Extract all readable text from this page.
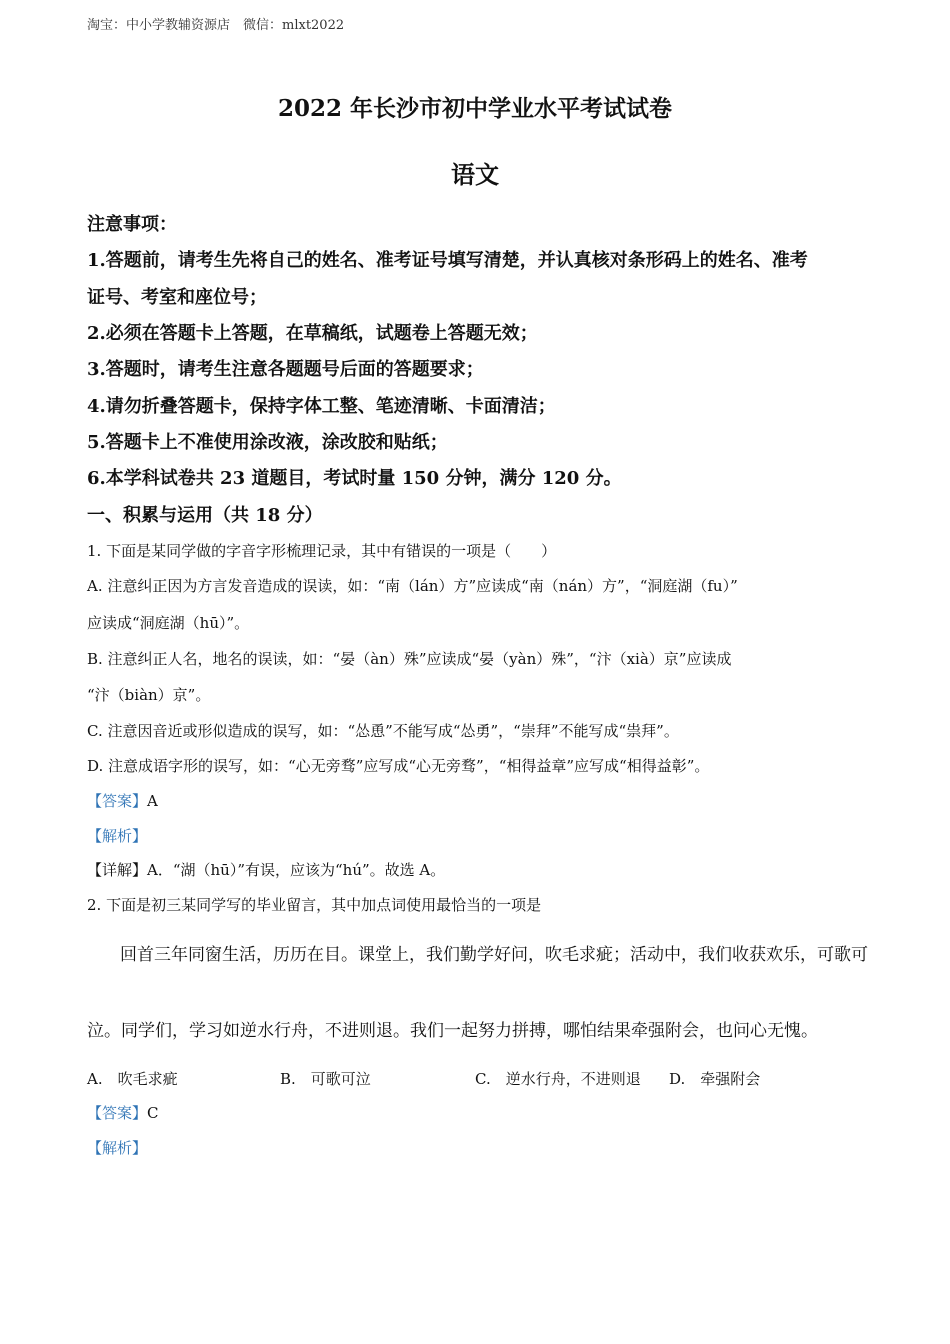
淘宝：中小学教辅资源店　微信：mlxt2022
2022 年长沙市初中学业水平考试试卷
语文
注意事项：
1.答题前，请考生先将自己的姓名、准考证号填写清楚，并认真核对条形码上的姓名、准考
证号、考室和座位号；
2.必须在答题卡上答题，在草稿纸，试题卷上答题无效；
3.答题时，请考生注意各题题号后面的答题要求；
4.请勿折叠答题卡，保持字体工整、笔迹清晰、卡面清洁；
5.答题卡上不准使用涂改液，涂改胶和贴纸；
6.本学科试卷共 23 道题目，考试时量 150 分钟，满分 120 分。
一、积累与运用（共 18 分）
1. 下面是某同学做的字音字形梳理记录，其中有错误的一项是（　　）
A. 注意纠正因为方言发音造成的误读，如：“南（lán）方”应读成“南（nán）方”，“洞庭湖（fu）”
应读成“洞庭湖（hū）”。
B. 注意纠正人名，地名的误读，如：“晏（àn）殊”应读成“晏（yàn）殊”，“汴（xià）京”应读成
“汴（biàn）京”。
C. 注意因音近或形似造成的误写，如：“怂恿”不能写成“怂勇”，“崇拜”不能写成“祟拜”。
D. 注意成语字形的误写，如：“心无旁骛”应写成“心无旁骛”，“相得益章”应写成“相得益彰”。
【答案】A
【解析】
【详解】A．“湖（hū）”有误，应该为“hú”。故选 A。
2. 下面是初三某同学写的毕业留言，其中加点词使用最恰当的一项是
回首三年同窗生活，历历在目。课堂上，我们勤学好问，吹毛求疵；活动中，我们收获欢乐，可歌可
泣。同学们，学习如逆水行舟，不进则退。我们一起努力拼搏，哪怕结果牵强附会，也问心无愧。
A.　吹毛求疵	B.　可歌可泣	C.　逆水行舟，不进则退 D.　牵强附会
【答案】C
【解析】
